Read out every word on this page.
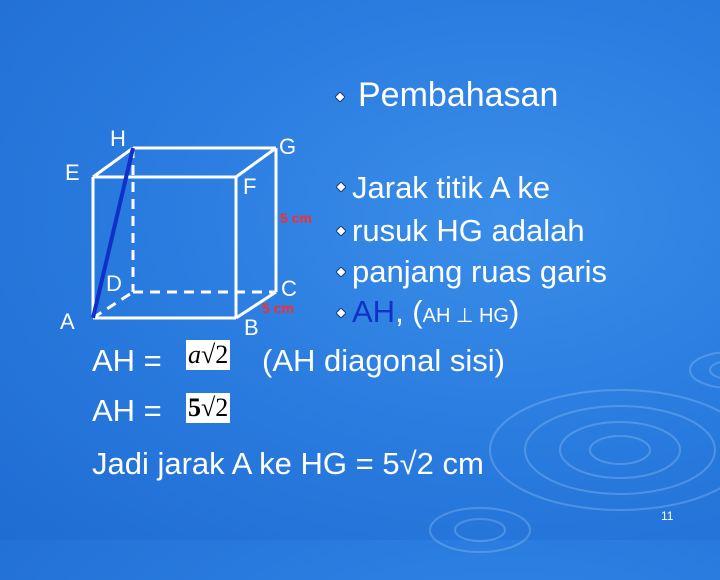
H	G
E
F
D	C
A	B
5 cm
5 cm
Pembahasan
Jarak titik A ke
rusuk HG adalah
panjang ruas garis
AH, (AH ⊥ HG)
AH = a√2 (AH diagonal sisi)
AH = 5√2
Jadi jarak A ke HG = 5√2 cm
11
